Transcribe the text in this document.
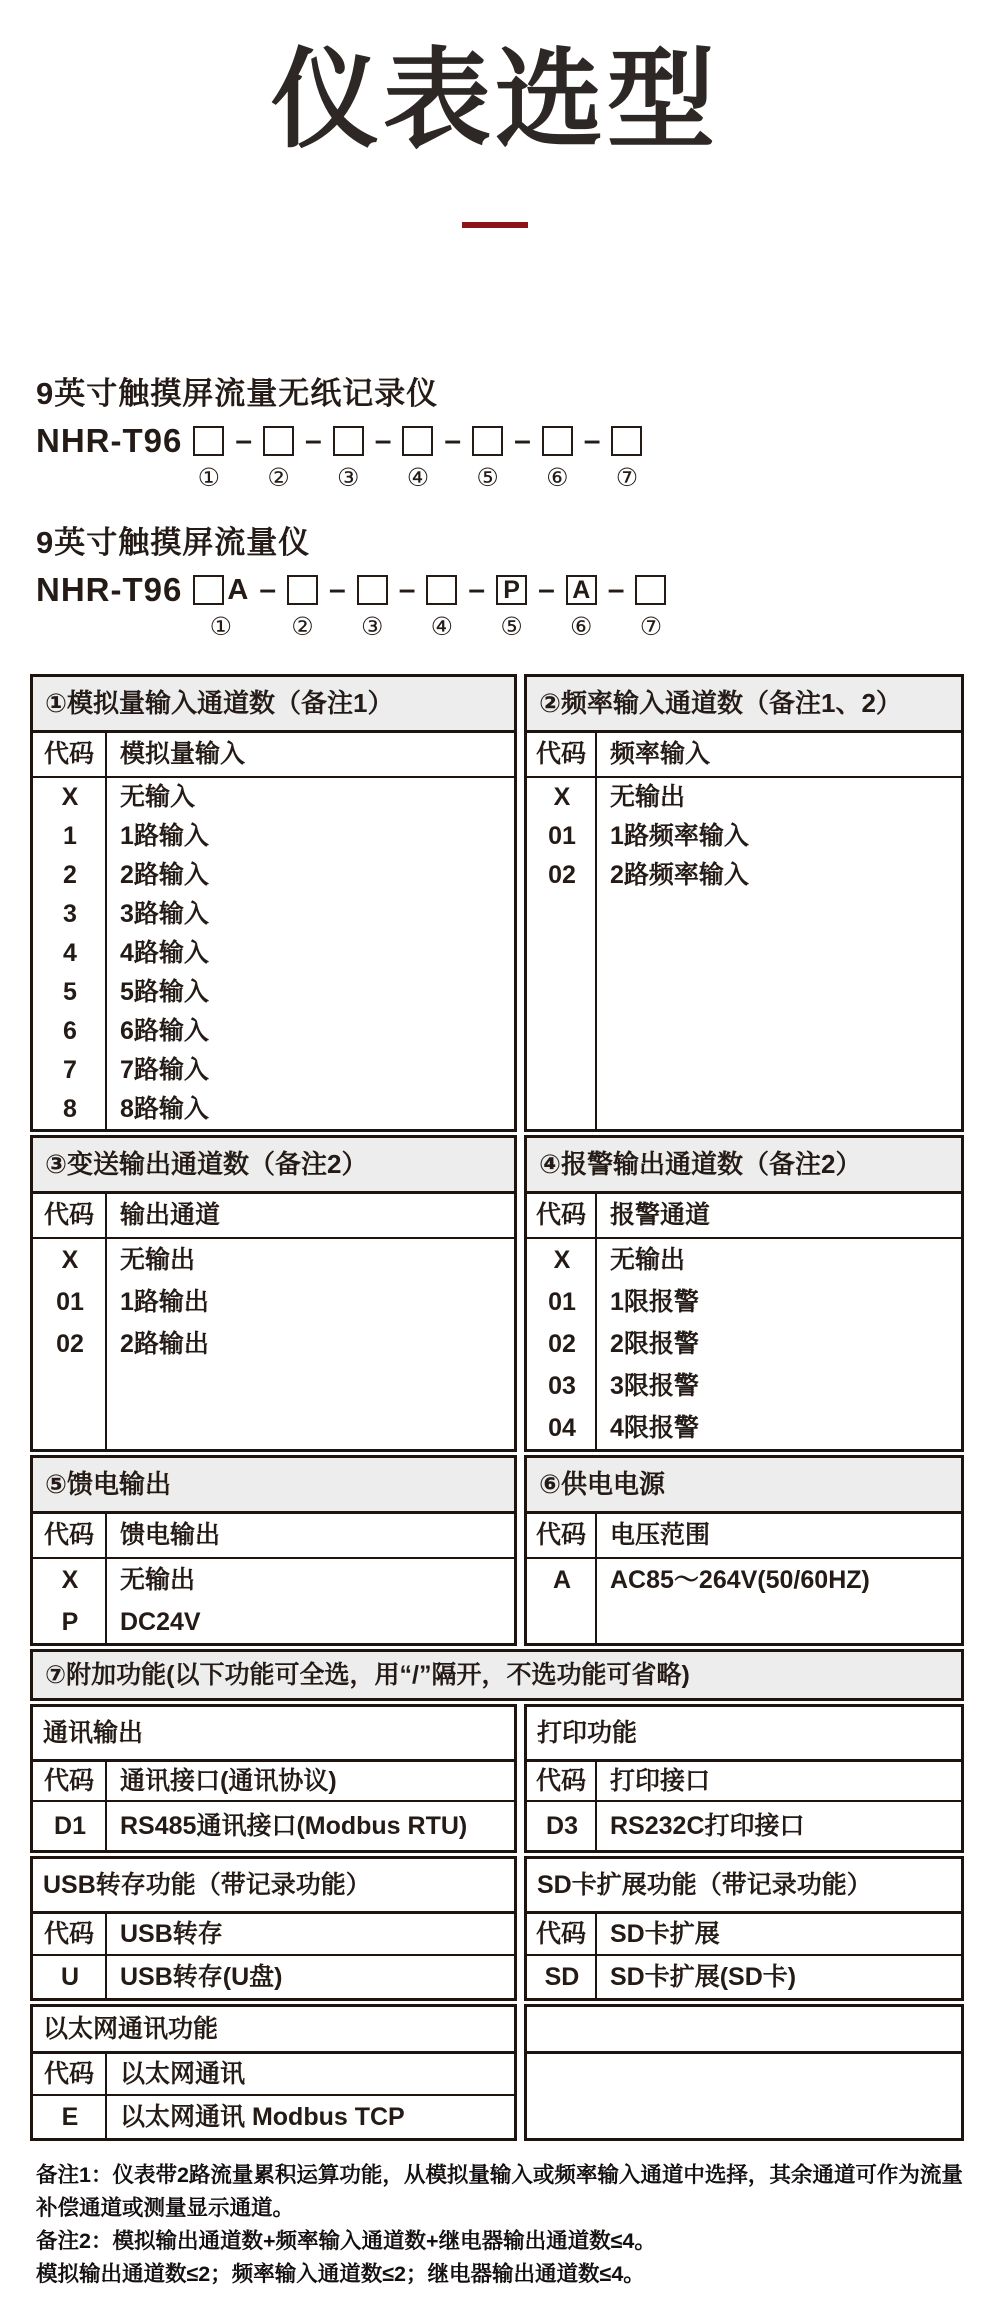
仪表选型
9英寸触摸屏流量无纸记录仪
NHR-T96
①
–
②
–
③
–
④
–
⑤
–
⑥
–
⑦
9英寸触摸屏流量仪
NHR-T96 A
①
–
②
–
③
–
④
– P
⑤
– A
⑥
–
⑦
①模拟量输入通道数（备注1）
代码	模拟量输入
X	无输入
1	1路输入
2	2路输入
3	3路输入
4	4路输入
5	5路输入
6	6路输入
7	7路输入
8	8路输入
③变送输出通道数（备注2）
代码	输出通道
X	无输出
01	1路输出
02	2路输出
⑤馈电输出
代码	馈电输出
X	无输出
P	DC24V
②频率输入通道数（备注1、2）
代码 频率输入
X	无输出
01	1路频率输入
02	2路频率输入
④报警输出通道数（备注2）
代码 报警通道
X	无输出
01	1限报警
02	2限报警
03	3限报警
04	4限报警
⑥供电电源
代码 电压范围
A	AC85～264V(50/60HZ)
⑦附加功能(以下功能可全选，用“/”隔开，不选功能可省略)
通讯输出
代码	通讯接口(通讯协议)
D1	RS485通讯接口(Modbus RTU)
USB转存功能（带记录功能）
代码	USB转存
U	USB转存(U盘)
以太网通讯功能
代码	以太网通讯
E	以太网通讯 Modbus TCP
打印功能
代码 打印接口
D3	RS232C打印接口
SD卡扩展功能（带记录功能）
代码 SD卡扩展
SD	SD卡扩展(SD卡)
备注1：仪表带2路流量累积运算功能，从模拟量输入或频率输入通道中选择，其余通道可作为流量
补偿通道或测量显示通道。
备注2：模拟输出通道数+频率输入通道数+继电器输出通道数≤4。
模拟输出通道数≤2；频率输入通道数≤2；继电器输出通道数≤4。
